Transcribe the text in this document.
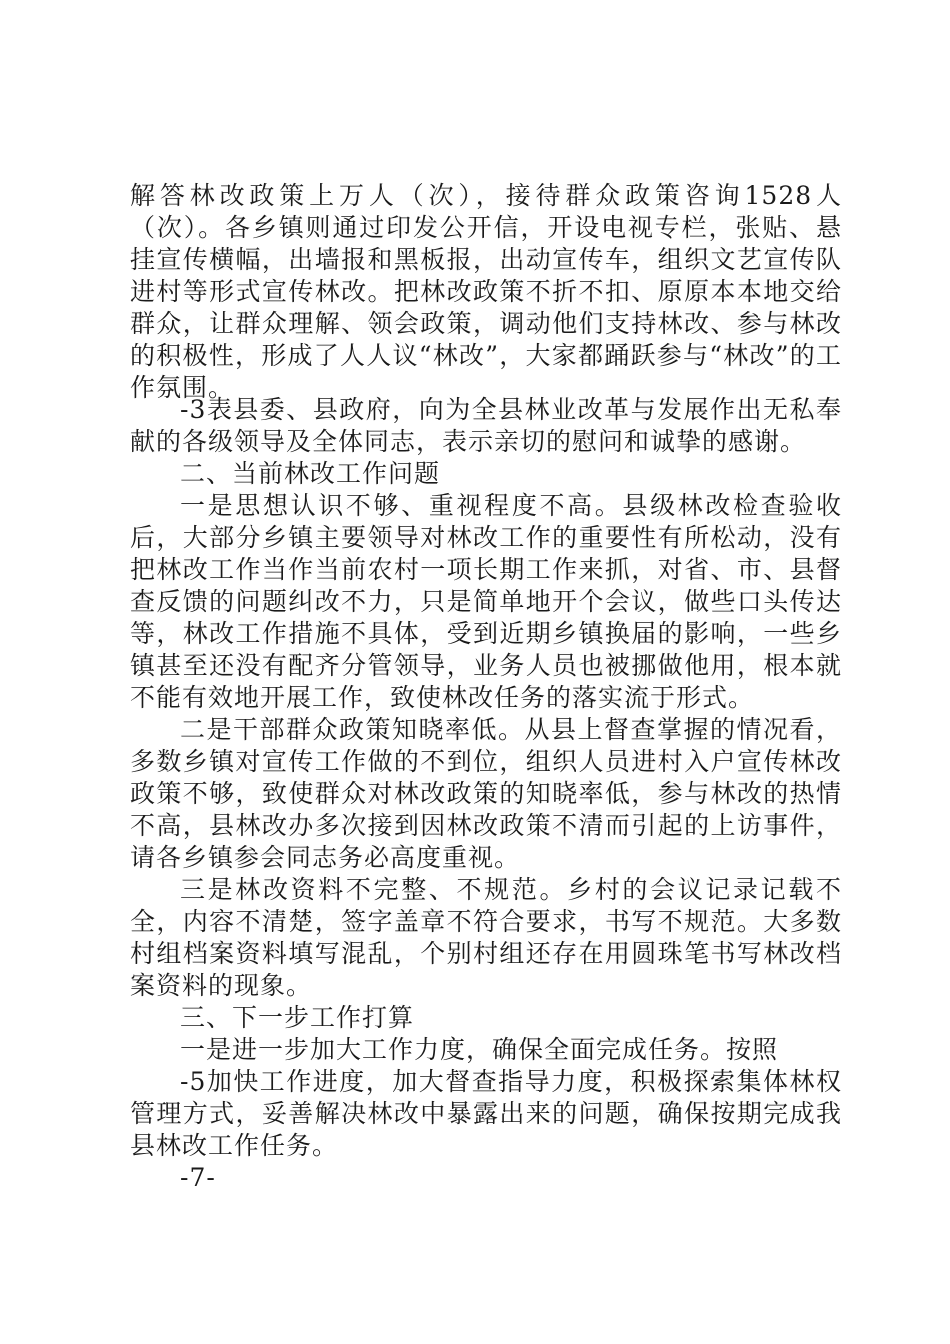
解答林改政策上万人（次），接待群众政策咨询1528人（次）。各乡镇则通过印发公开信，开设电视专栏，张贴、悬挂宣传横幅，出墙报和黑板报，出动宣传车，组织文艺宣传队进村等形式宣传林改。把林改政策不折不扣、原原本本地交给群众，让群众理解、领会政策，调动他们支持林改、参与林改的积极性，形成了人人议“林改”，大家都踊跃参与“林改”的工作氛围。

-3表县委、县政府，向为全县林业改革与发展作出无私奉献的各级领导及全体同志，表示亲切的慰问和诚挚的感谢。

二、当前林改工作问题

一是思想认识不够、重视程度不高。县级林改检查验收后，大部分乡镇主要领导对林改工作的重要性有所松动，没有把林改工作当作当前农村一项长期工作来抓，对省、市、县督查反馈的问题纠改不力，只是简单地开个会议，做些口头传达等，林改工作措施不具体，受到近期乡镇换届的影响，一些乡镇甚至还没有配齐分管领导，业务人员也被挪做他用，根本就不能有效地开展工作，致使林改任务的落实流于形式。

二是干部群众政策知晓率低。从县上督查掌握的情况看，多数乡镇对宣传工作做的不到位，组织人员进村入户宣传林改政策不够，致使群众对林改政策的知晓率低，参与林改的热情不高，县林改办多次接到因林改政策不清而引起的上访事件，请各乡镇参会同志务必高度重视。

三是林改资料不完整、不规范。乡村的会议记录记载不全，内容不清楚，签字盖章不符合要求，书写不规范。大多数村组档案资料填写混乱，个别村组还存在用圆珠笔书写林改档案资料的现象。

三、下一步工作打算

一是进一步加大工作力度，确保全面完成任务。按照

-5加快工作进度，加大督查指导力度，积极探索集体林权管理方式，妥善解决林改中暴露出来的问题，确保按期完成我县林改工作任务。

-7-
